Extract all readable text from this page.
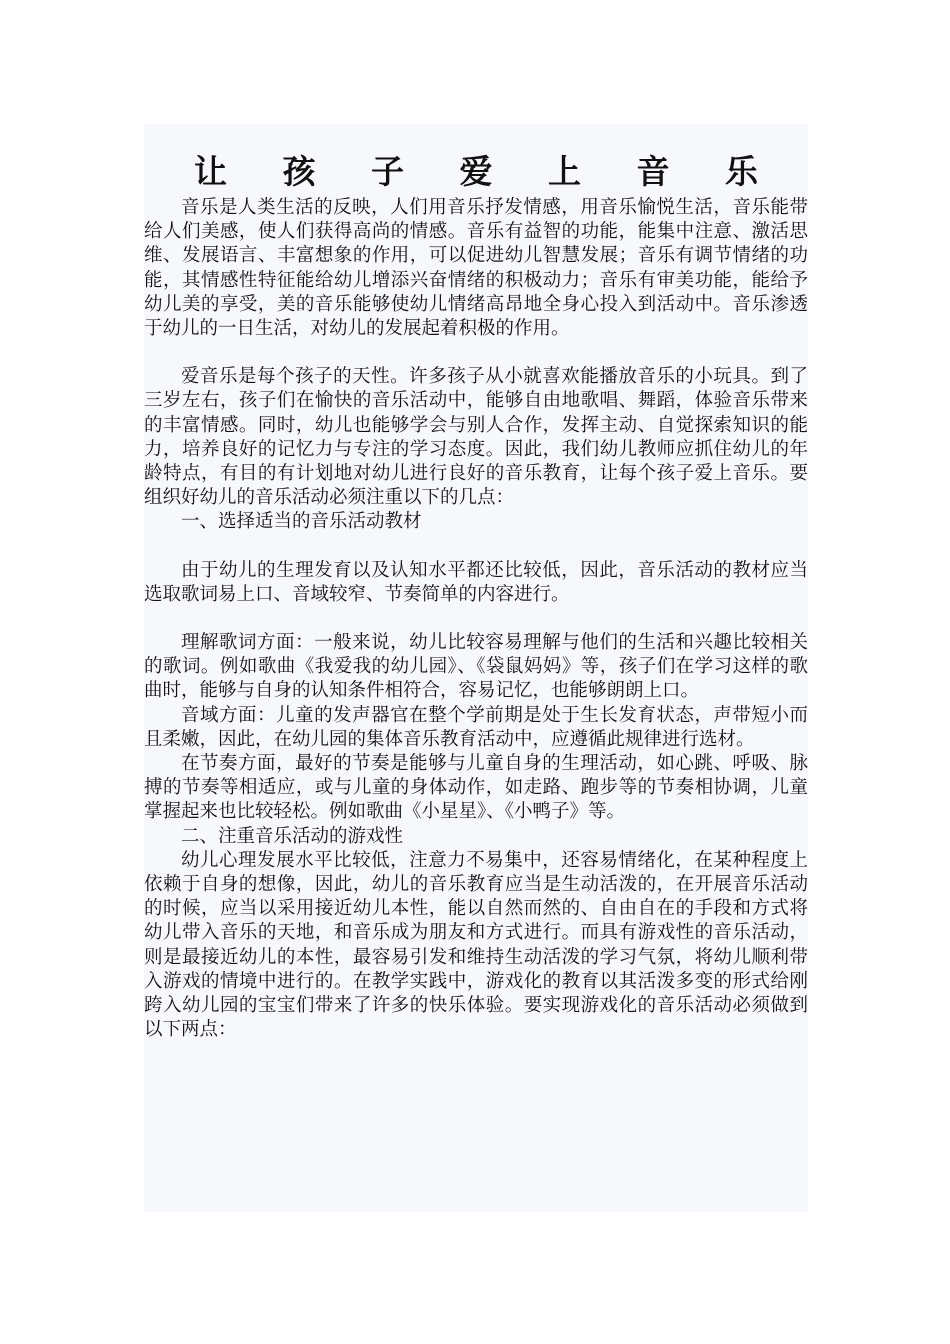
让 孩 子 爱 上 音 乐

音乐是人类生活的反映，人们用音乐抒发情感，用音乐愉悦生活，音乐能带给人们美感，使人们获得高尚的情感。音乐有益智的功能，能集中注意、激活思维、发展语言、丰富想象的作用，可以促进幼儿智慧发展；音乐有调节情绪的功能，其情感性特征能给幼儿增添兴奋情绪的积极动力；音乐有审美功能，能给予幼儿美的享受，美的音乐能够使幼儿情绪高昂地全身心投入到活动中。音乐渗透于幼儿的一日生活，对幼儿的发展起着积极的作用。

爱音乐是每个孩子的天性。许多孩子从小就喜欢能播放音乐的小玩具。到了三岁左右，孩子们在愉快的音乐活动中，能够自由地歌唱、舞蹈，体验音乐带来的丰富情感。同时，幼儿也能够学会与别人合作，发挥主动、自觉探索知识的能力，培养良好的记忆力与专注的学习态度。因此，我们幼儿教师应抓住幼儿的年龄特点，有目的有计划地对幼儿进行良好的音乐教育，让每个孩子爱上音乐。要组织好幼儿的音乐活动必须注重以下的几点：

一、选择适当的音乐活动教材

由于幼儿的生理发育以及认知水平都还比较低，因此，音乐活动的教材应当选取歌词易上口、音域较窄、节奏简单的内容进行。

理解歌词方面：一般来说，幼儿比较容易理解与他们的生活和兴趣比较相关的歌词。例如歌曲《我爱我的幼儿园》、《袋鼠妈妈》等，孩子们在学习这样的歌曲时，能够与自身的认知条件相符合，容易记忆，也能够朗朗上口。

音域方面：儿童的发声器官在整个学前期是处于生长发育状态，声带短小而且柔嫩，因此，在幼儿园的集体音乐教育活动中，应遵循此规律进行选材。

在节奏方面，最好的节奏是能够与儿童自身的生理活动，如心跳、呼吸、脉搏的节奏等相适应，或与儿童的身体动作，如走路、跑步等的节奏相协调，儿童掌握起来也比较轻松。例如歌曲《小星星》、《小鸭子》等。

二、注重音乐活动的游戏性

幼儿心理发展水平比较低，注意力不易集中，还容易情绪化，在某种程度上依赖于自身的想像，因此，幼儿的音乐教育应当是生动活泼的，在开展音乐活动的时候，应当以采用接近幼儿本性，能以自然而然的、自由自在的手段和方式将幼儿带入音乐的天地，和音乐成为朋友和方式进行。而具有游戏性的音乐活动，则是最接近幼儿的本性，最容易引发和维持生动活泼的学习气氛，将幼儿顺利带入游戏的情境中进行的。在教学实践中，游戏化的教育以其活泼多变的形式给刚跨入幼儿园的宝宝们带来了许多的快乐体验。要实现游戏化的音乐活动必须做到以下两点：
